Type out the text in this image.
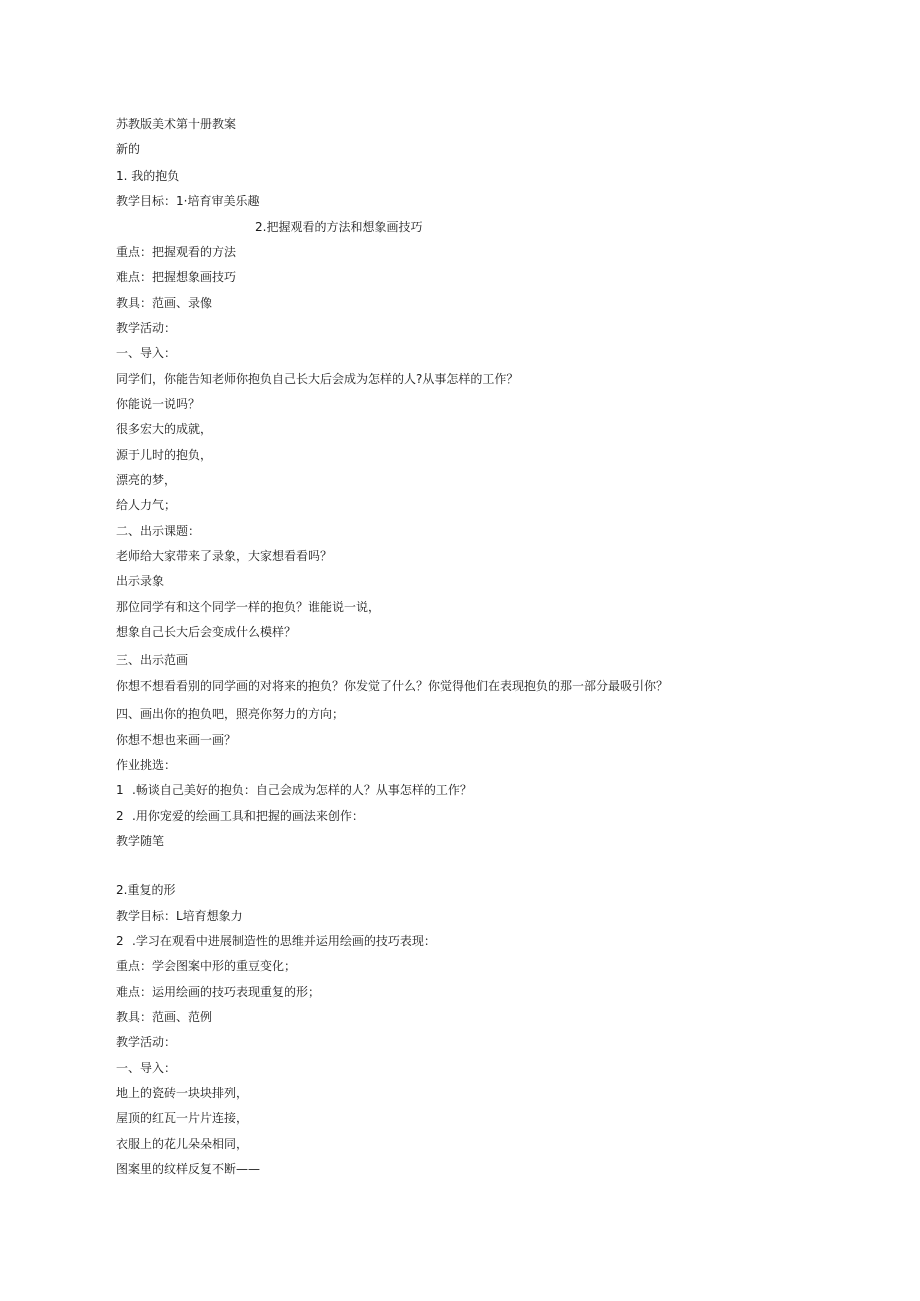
苏教版美术第十册教案
新的
1. 我的抱负
教学目标：1·培育审美乐趣
2.把握观看的方法和想象画技巧
重点：把握观看的方法
难点：把握想象画技巧
教具：范画、录像
教学活动：
一、导入：
同学们，你能告知老师你抱负自己长大后会成为怎样的人?从事怎样的工作？
你能说一说吗？
很多宏大的成就，
源于儿时的抱负，
漂亮的梦，
给人力气；
二、出示课题：
老师给大家带来了录象，大家想看看吗？
出示录象
那位同学有和这个同学一样的抱负？谁能说一说，
想象自己长大后会变成什么模样？
三、出示范画
你想不想看看别的同学画的对将来的抱负？你发觉了什么？你觉得他们在表现抱负的那一部分最吸引你？
四、画出你的抱负吧，照亮你努力的方向；
你想不想也来画一画？
作业挑选：
1 .畅谈自己美好的抱负：自己会成为怎样的人？从事怎样的工作？
2 .用你宠爱的绘画工具和把握的画法来创作：
教学随笔
2.重复的形
教学目标：L培育想象力
2 .学习在观看中进展制造性的思维并运用绘画的技巧表现：
重点：学会图案中形的重豆变化；
难点：运用绘画的技巧表现重复的形；
教具：范画、范例
教学活动：
一、导入：
地上的瓷砖一块块排列，
屋顶的红瓦一片片连接，
衣服上的花儿朵朵相同，
图案里的纹样反复不断——
